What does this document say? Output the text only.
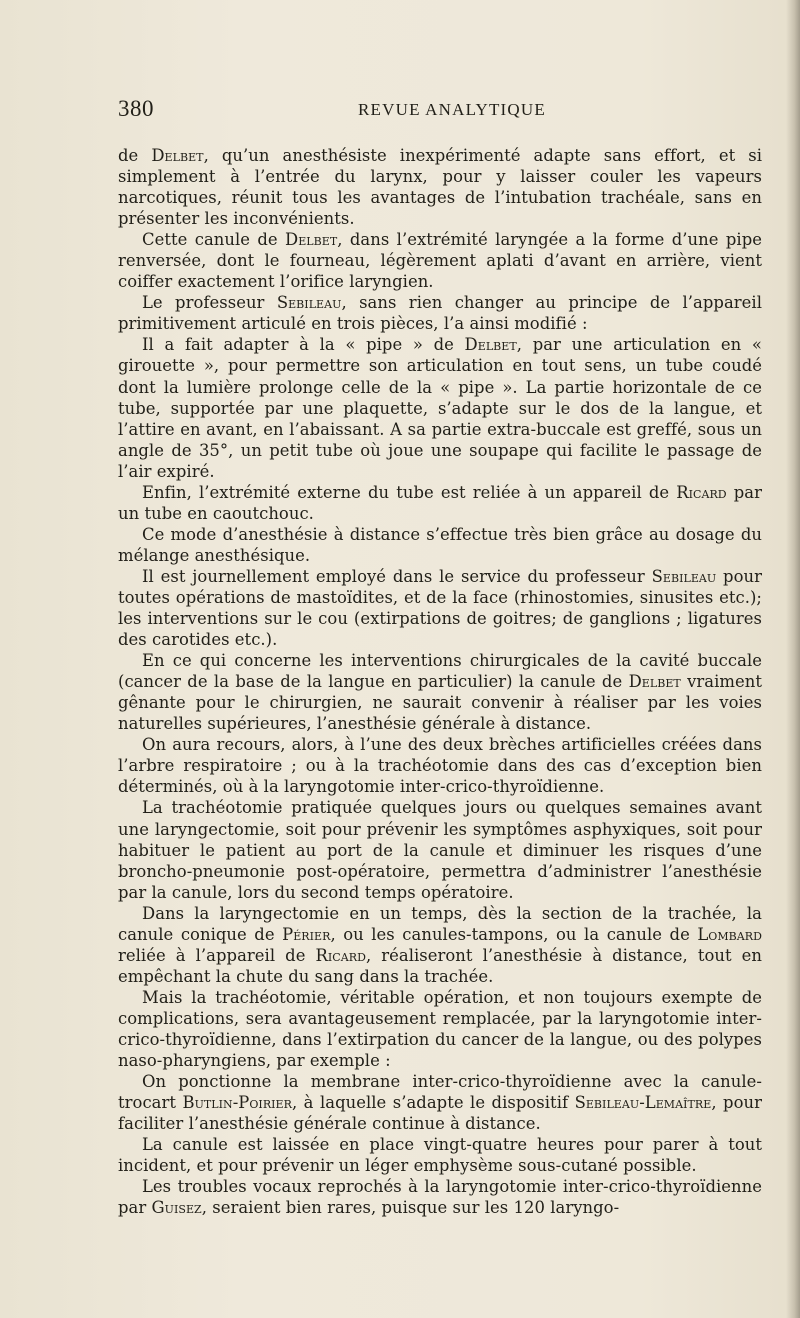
380	REVUE ANALYTIQUE

de Delbet, qu’un anesthésiste inexpérimenté adapte sans effort, et si simplement à l’entrée du larynx, pour y laisser couler les vapeurs narcotiques, réunit tous les avantages de l’intubation trachéale, sans en présenter les inconvénients.

Cette canule de Delbet, dans l’extrémité laryngée a la forme d’une pipe renversée, dont le fourneau, légèrement aplati d’avant en arrière, vient coiffer exactement l’orifice laryngien.

Le professeur Sebileau, sans rien changer au principe de l’appareil primitivement articulé en trois pièces, l’a ainsi modifié :

Il a fait adapter à la « pipe » de Delbet, par une articulation en « girouette », pour permettre son articulation en tout sens, un tube coudé dont la lumière prolonge celle de la « pipe ». La partie horizontale de ce tube, supportée par une plaquette, s’adapte sur le dos de la langue, et l’attire en avant, en l’abaissant. A sa partie extra-buccale est greffé, sous un angle de 35°, un petit tube où joue une soupape qui facilite le passage de l’air expiré.

Enfin, l’extrémité externe du tube est reliée à un appareil de Ricard par un tube en caoutchouc.

Ce mode d’anesthésie à distance s’effectue très bien grâce au dosage du mélange anesthésique.

Il est journellement employé dans le service du professeur Sebileau pour toutes opérations de mastoïdites, et de la face (rhinostomies, sinusites etc.); les interventions sur le cou (extirpations de goitres; de ganglions ; ligatures des carotides etc.).

En ce qui concerne les interventions chirurgicales de la cavité buccale (cancer de la base de la langue en particulier) la canule de Delbet vraiment gênante pour le chirurgien, ne saurait convenir à réaliser par les voies naturelles supérieures, l’anesthésie générale à distance.

On aura recours, alors, à l’une des deux brèches artificielles créées dans l’arbre respiratoire ; ou à la trachéotomie dans des cas d’exception bien déterminés, où à la laryngotomie inter-crico-thyroïdienne.

La trachéotomie pratiquée quelques jours ou quelques semaines avant une laryngectomie, soit pour prévenir les symptômes asphyxiques, soit pour habituer le patient au port de la canule et diminuer les risques d’une broncho-pneumonie post-opératoire, permettra d’administrer l’anesthésie par la canule, lors du second temps opératoire.

Dans la laryngectomie en un temps, dès la section de la trachée, la canule conique de Périer, ou les canules-tampons, ou la canule de Lombard reliée à l’appareil de Ricard, réaliseront l’anesthésie à distance, tout en empêchant la chute du sang dans la trachée.

Mais la trachéotomie, véritable opération, et non toujours exempte de complications, sera avantageusement remplacée, par la laryngotomie inter-crico-thyroïdienne, dans l’extirpation du cancer de la langue, ou des polypes naso-pharyngiens, par exemple :

On ponctionne la membrane inter-crico-thyroïdienne avec la canule-trocart Butlin-Poirier, à laquelle s’adapte le dispositif Sebileau-Lemaître, pour faciliter l’anesthésie générale continue à distance.

La canule est laissée en place vingt-quatre heures pour parer à tout incident, et pour prévenir un léger emphysème sous-cutané possible.

Les troubles vocaux reprochés à la laryngotomie inter-crico-thyroïdienne par Guisez, seraient bien rares, puisque sur les 120 laryngo-
